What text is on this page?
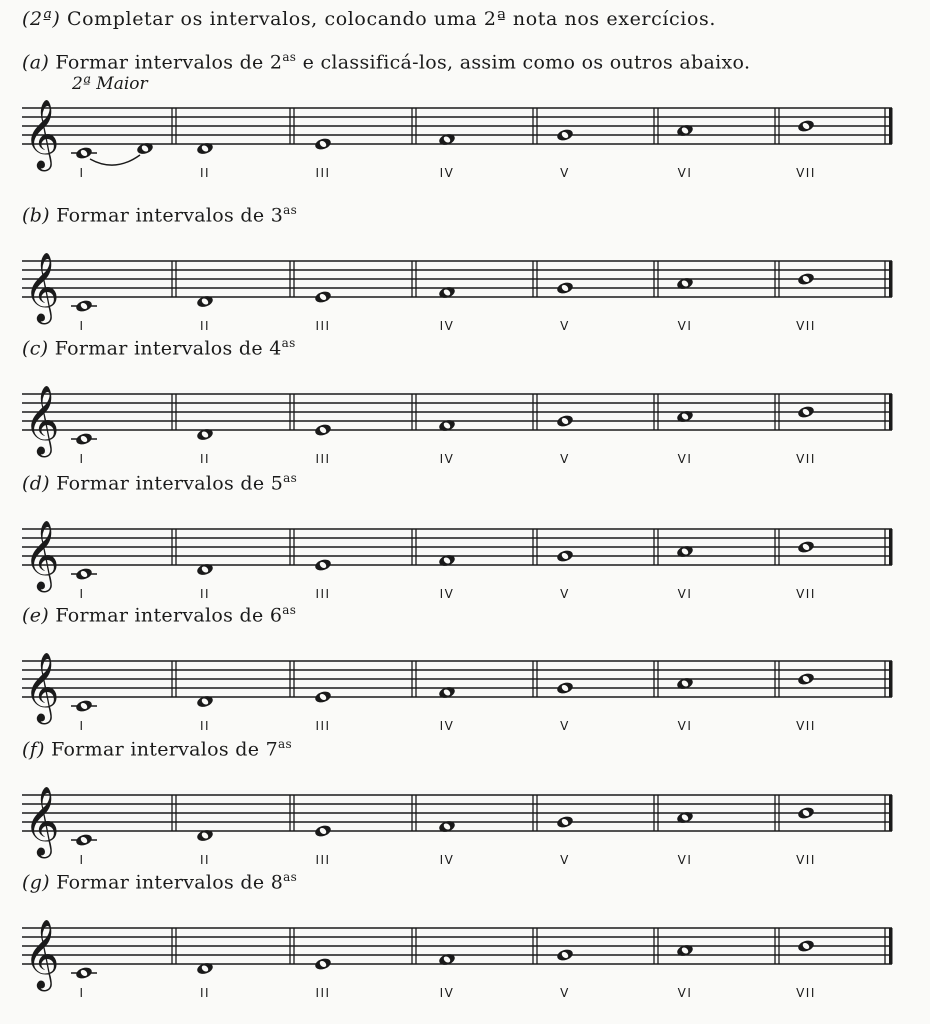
(2ª) Completar os intervalos, colocando uma 2ª nota nos exercícios.
(a) Formar intervalos de $2^{as}$ e classificá-los, assim como os outros abaixo.
2ª Maior
𝄞
I	II	III	IV	V	VI	VII
(b) Formar intervalos de $3^{as}$
𝄞
I	II	III	IV	V	VI	VII
(c) Formar intervalos de $4^{as}$
𝄞
I	II	III	IV	V	VI	VII
(d) Formar intervalos de $5^{as}$
𝄞
I	II	III	IV	V	VI	VII
(e) Formar intervalos de $6^{as}$
𝄞
I	II	III	IV	V	VI	VII
(f) Formar intervalos de $7^{as}$
𝄞
I	II	III	IV	V	VI	VII
(g) Formar intervalos de $8^{as}$
𝄞
I	II	III	IV	V	VI	VII
